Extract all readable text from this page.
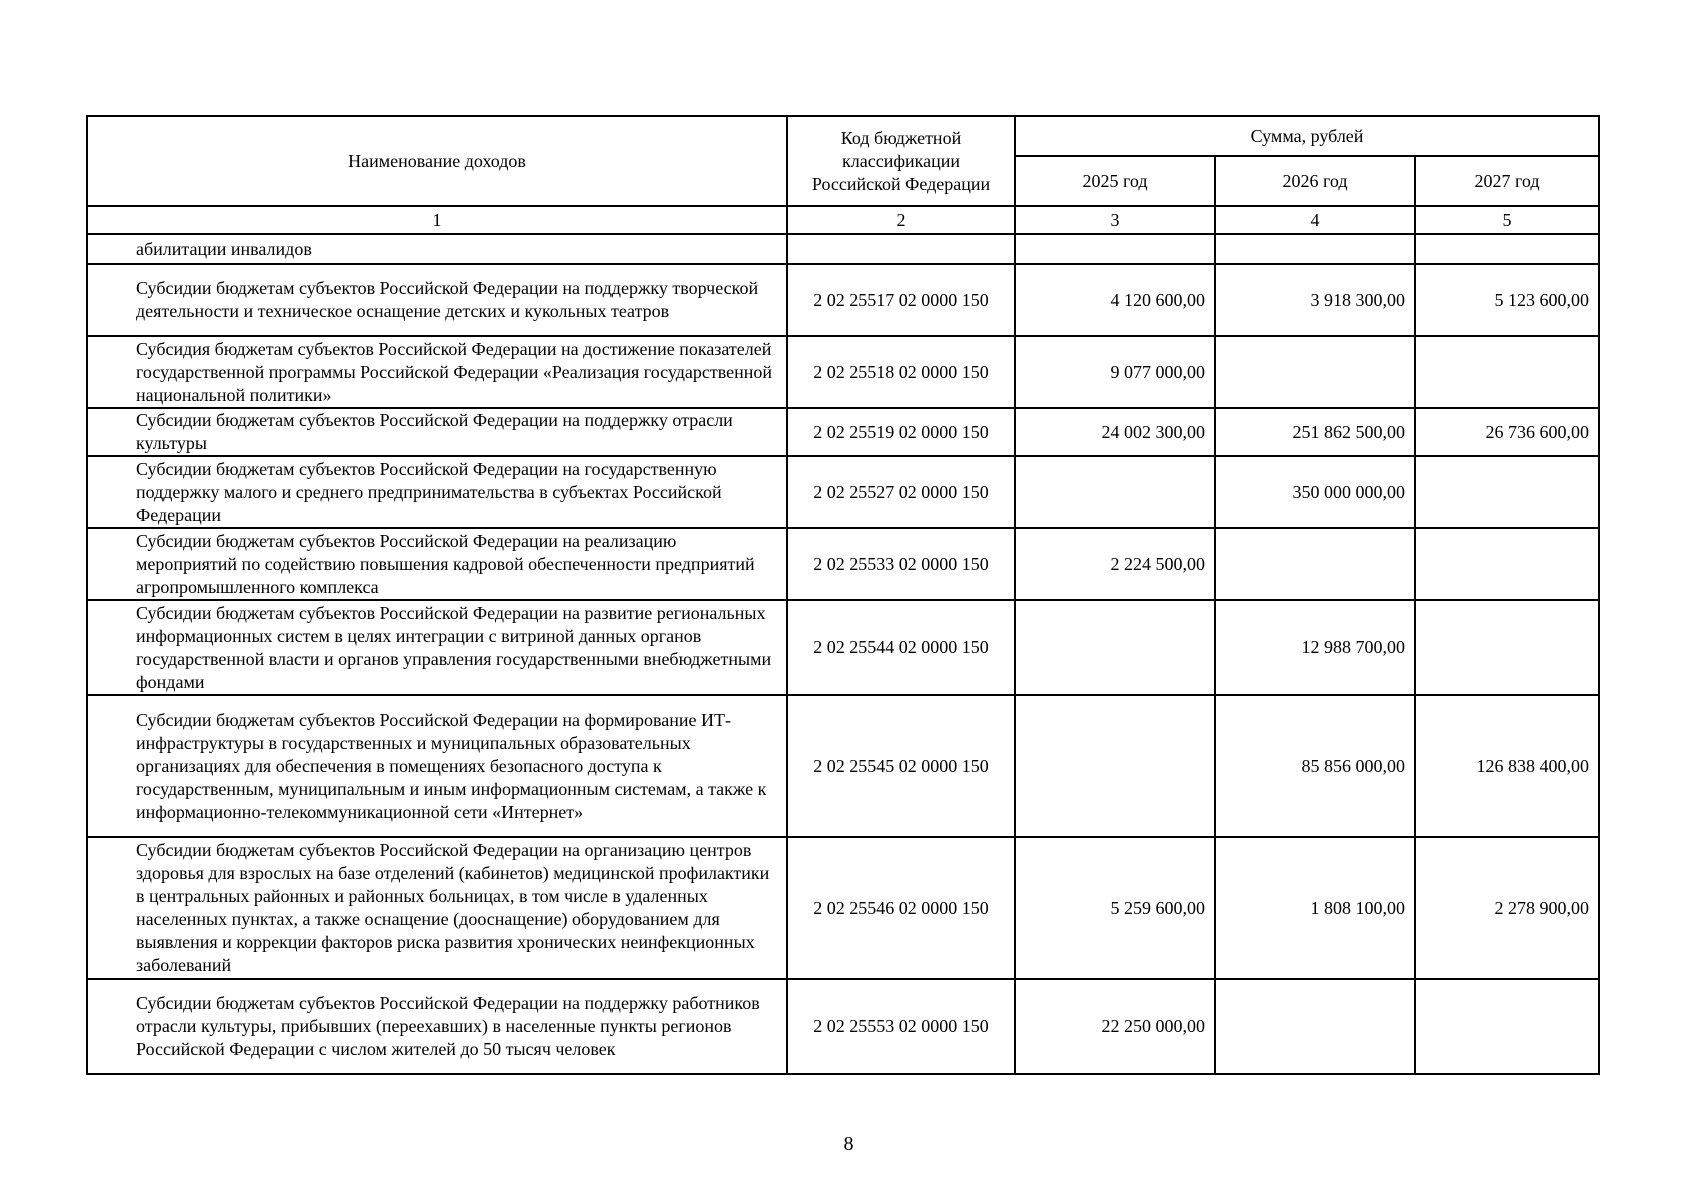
Наименование доходов	Код бюджетной классификации Российской Федерации	Сумма, рублей		
		2025 год	2026 год	2027 год
1	2	3	4	5
абилитации инвалидов				
Субсидии бюджетам субъектов Российской Федерации на поддержку творческой деятельности и техническое оснащение детских и кукольных театров	2 02 25517 02 0000 150	4 120 600,00	3 918 300,00	5 123 600,00
Субсидия бюджетам субъектов Российской Федерации на достижение показателей государственной программы Российской Федерации «Реализация государственной национальной политики»	2 02 25518 02 0000 150	9 077 000,00		
Субсидии бюджетам субъектов Российской Федерации на поддержку отрасли культуры	2 02 25519 02 0000 150	24 002 300,00	251 862 500,00	26 736 600,00
Субсидии бюджетам субъектов Российской Федерации на государственную поддержку малого и среднего предпринимательства в субъектах Российской Федерации	2 02 25527 02 0000 150		350 000 000,00	
Субсидии бюджетам субъектов Российской Федерации на реализацию мероприятий по содействию повышения кадровой обеспеченности предприятий агропромышленного комплекса	2 02 25533 02 0000 150	2 224 500,00		
Субсидии бюджетам субъектов Российской Федерации на развитие региональных информационных систем в целях интеграции с витриной данных органов государственной власти и органов управления государственными внебюджетными фондами	2 02 25544 02 0000 150		12 988 700,00	
Субсидии бюджетам субъектов Российской Федерации на формирование ИТ-инфраструктуры в государственных и муниципальных образовательных организациях для обеспечения в помещениях безопасного доступа к государственным, муниципальным и иным информационным системам, а также к информационно-телекоммуникационной сети «Интернет»	2 02 25545 02 0000 150		85 856 000,00	126 838 400,00
Субсидии бюджетам субъектов Российской Федерации на организацию центров здоровья для взрослых на базе отделений (кабинетов) медицинской профилактики в центральных районных и районных больницах, в том числе в удаленных населенных пунктах, а также оснащение (дооснащение) оборудованием для выявления и коррекции факторов риска развития хронических неинфекционных заболеваний	2 02 25546 02 0000 150	5 259 600,00	1 808 100,00	2 278 900,00
Субсидии бюджетам субъектов Российской Федерации на поддержку работников отрасли культуры, прибывших (переехавших) в населенные пункты регионов Российской Федерации с числом жителей до 50 тысяч человек	2 02 25553 02 0000 150	22 250 000,00		
8
